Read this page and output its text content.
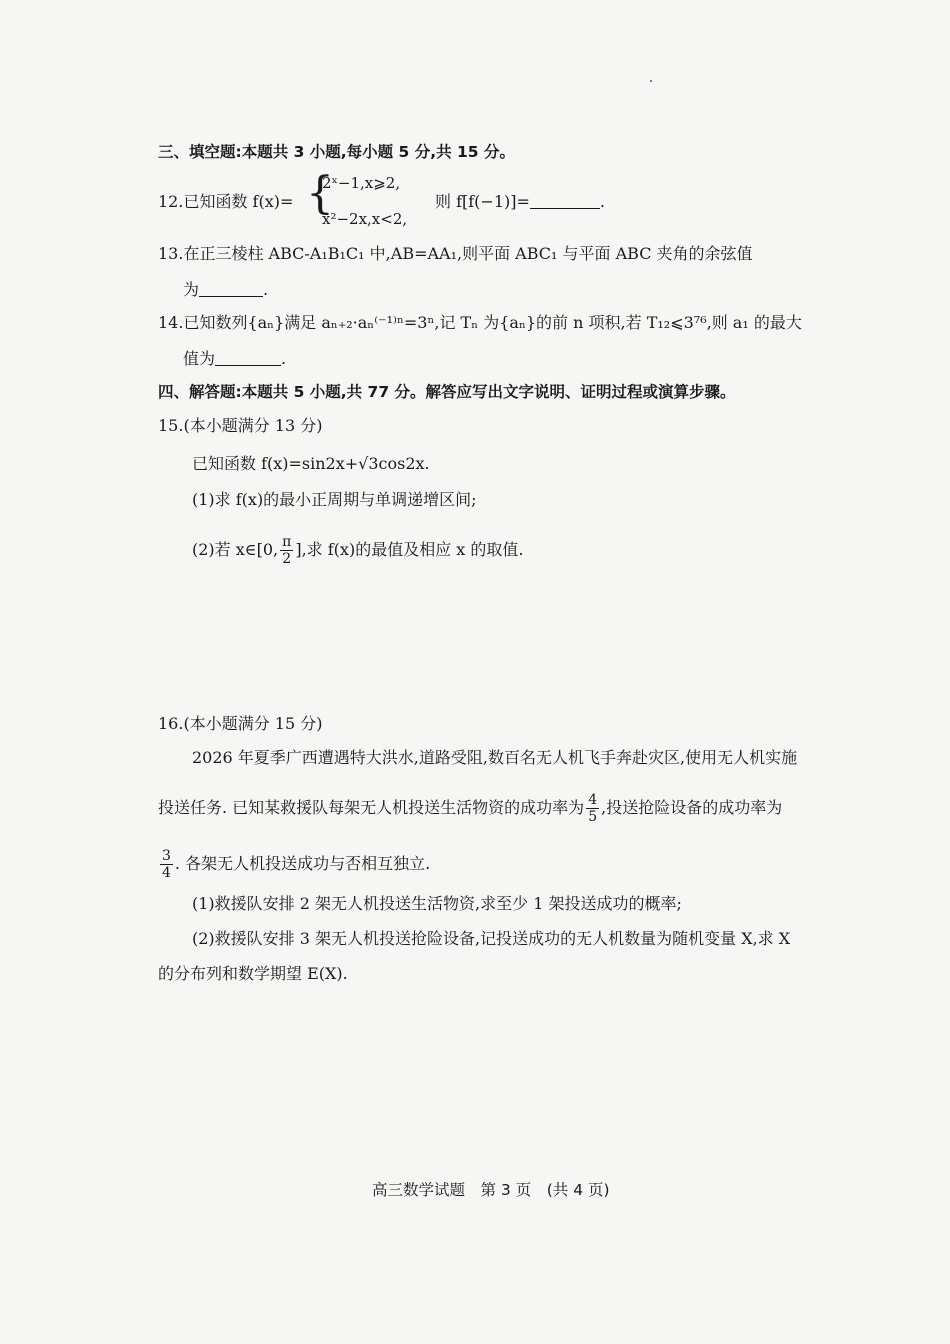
三、填空题:本题共 3 小题,每小题 5 分,共 15 分。
12.已知函数 f(x)= {
2ˣ−1,x⩾2,
x²−2x,x<2,
则 f[f(−1)]=	.
13.在正三棱柱 ABC-A₁B₁C₁ 中,AB=AA₁,则平面 ABC₁ 与平面 ABC 夹角的余弦值
为	.
14.已知数列{aₙ}满足 aₙ₊₂·aₙ⁽⁻¹⁾ⁿ=3ⁿ,记 Tₙ 为{aₙ}的前 n 项积,若 T₁₂⩽3⁷⁶,则 a₁ 的最大
值为	.
四、解答题:本题共 5 小题,共 77 分。解答应写出文字说明、证明过程或演算步骤。
15.(本小题满分 13 分)
已知函数 f(x)=sin2x+√3cos2x.
(1)求 f(x)的最小正周期与单调递增区间;
(2)若 x∈[0, $\frac{\pi}{2}$ ],求 f(x)的最值及相应 x 的取值.
16.(本小题满分 15 分)
2026 年夏季广西遭遇特大洪水,道路受阻,数百名无人机飞手奔赴灾区,使用无人机实施
投送任务. 已知某救援队每架无人机投送生活物资的成功率为 $\frac{4}{5}$ ,投送抢险设备的成功率为
$\frac{3}{4}$ . 各架无人机投送成功与否相互独立.
(1)救援队安排 2 架无人机投送生活物资,求至少 1 架投送成功的概率;
(2)救援队安排 3 架无人机投送抢险设备,记投送成功的无人机数量为随机变量 X,求 X
的分布列和数学期望 E(X).
高三数学试题　第 3 页　(共 4 页)
